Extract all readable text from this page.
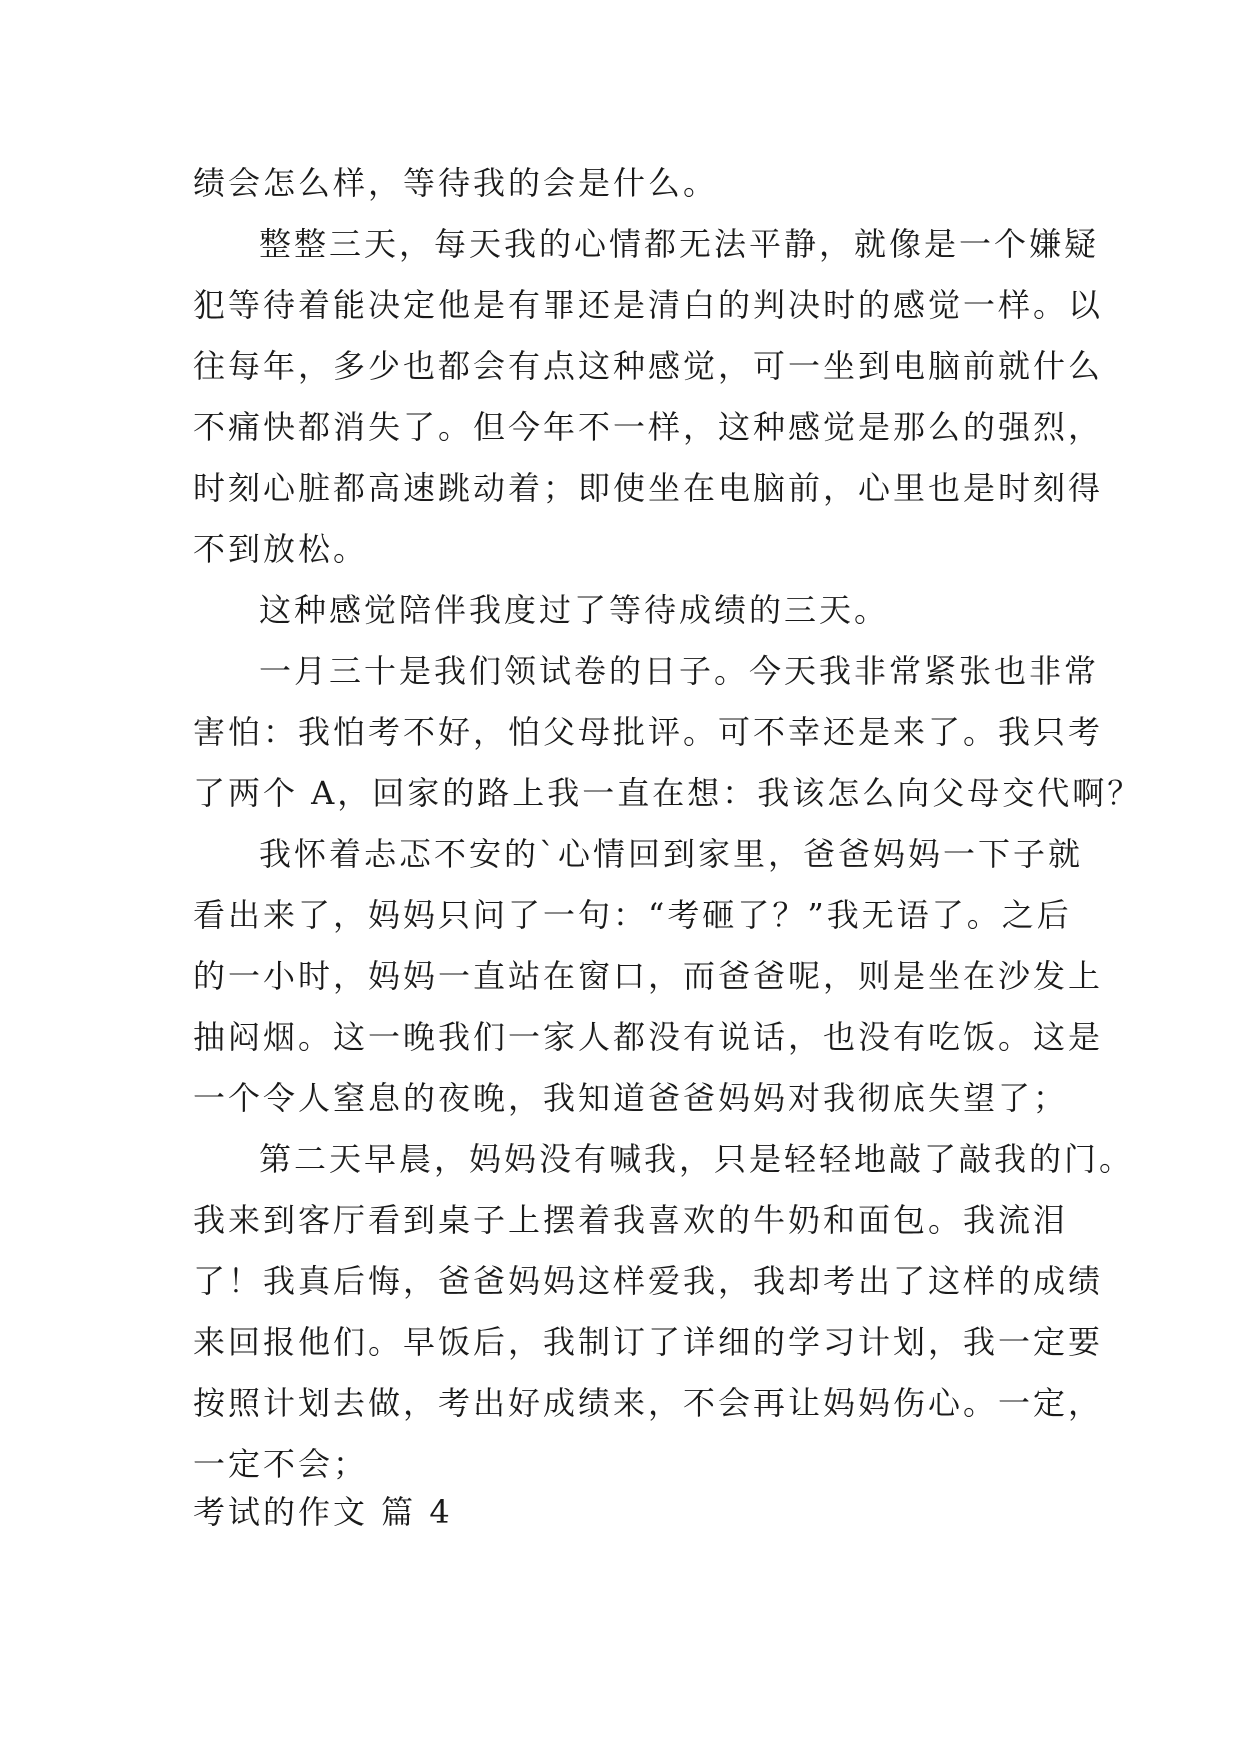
绩会怎么样，等待我的会是什么。
整整三天，每天我的心情都无法平静，就像是一个嫌疑
犯等待着能决定他是有罪还是清白的判决时的感觉一样。以
往每年，多少也都会有点这种感觉，可一坐到电脑前就什么
不痛快都消失了。但今年不一样，这种感觉是那么的强烈，
时刻心脏都高速跳动着；即使坐在电脑前，心里也是时刻得
不到放松。
这种感觉陪伴我度过了等待成绩的三天。
一月三十是我们领试卷的日子。今天我非常紧张也非常
害怕：我怕考不好，怕父母批评。可不幸还是来了。我只考
了两个 A，回家的路上我一直在想：我该怎么向父母交代啊？
我怀着忐忑不安的`心情回到家里，爸爸妈妈一下子就
看出来了，妈妈只问了一句：“考砸了？”我无语了。之后
的一小时，妈妈一直站在窗口，而爸爸呢，则是坐在沙发上
抽闷烟。这一晚我们一家人都没有说话，也没有吃饭。这是
一个令人窒息的夜晚，我知道爸爸妈妈对我彻底失望了；
第二天早晨，妈妈没有喊我，只是轻轻地敲了敲我的门。
我来到客厅看到桌子上摆着我喜欢的牛奶和面包。我流泪
了！我真后悔，爸爸妈妈这样爱我，我却考出了这样的成绩
来回报他们。早饭后，我制订了详细的学习计划，我一定要
按照计划去做，考出好成绩来，不会再让妈妈伤心。一定，
一定不会；
考试的作文 篇 4
